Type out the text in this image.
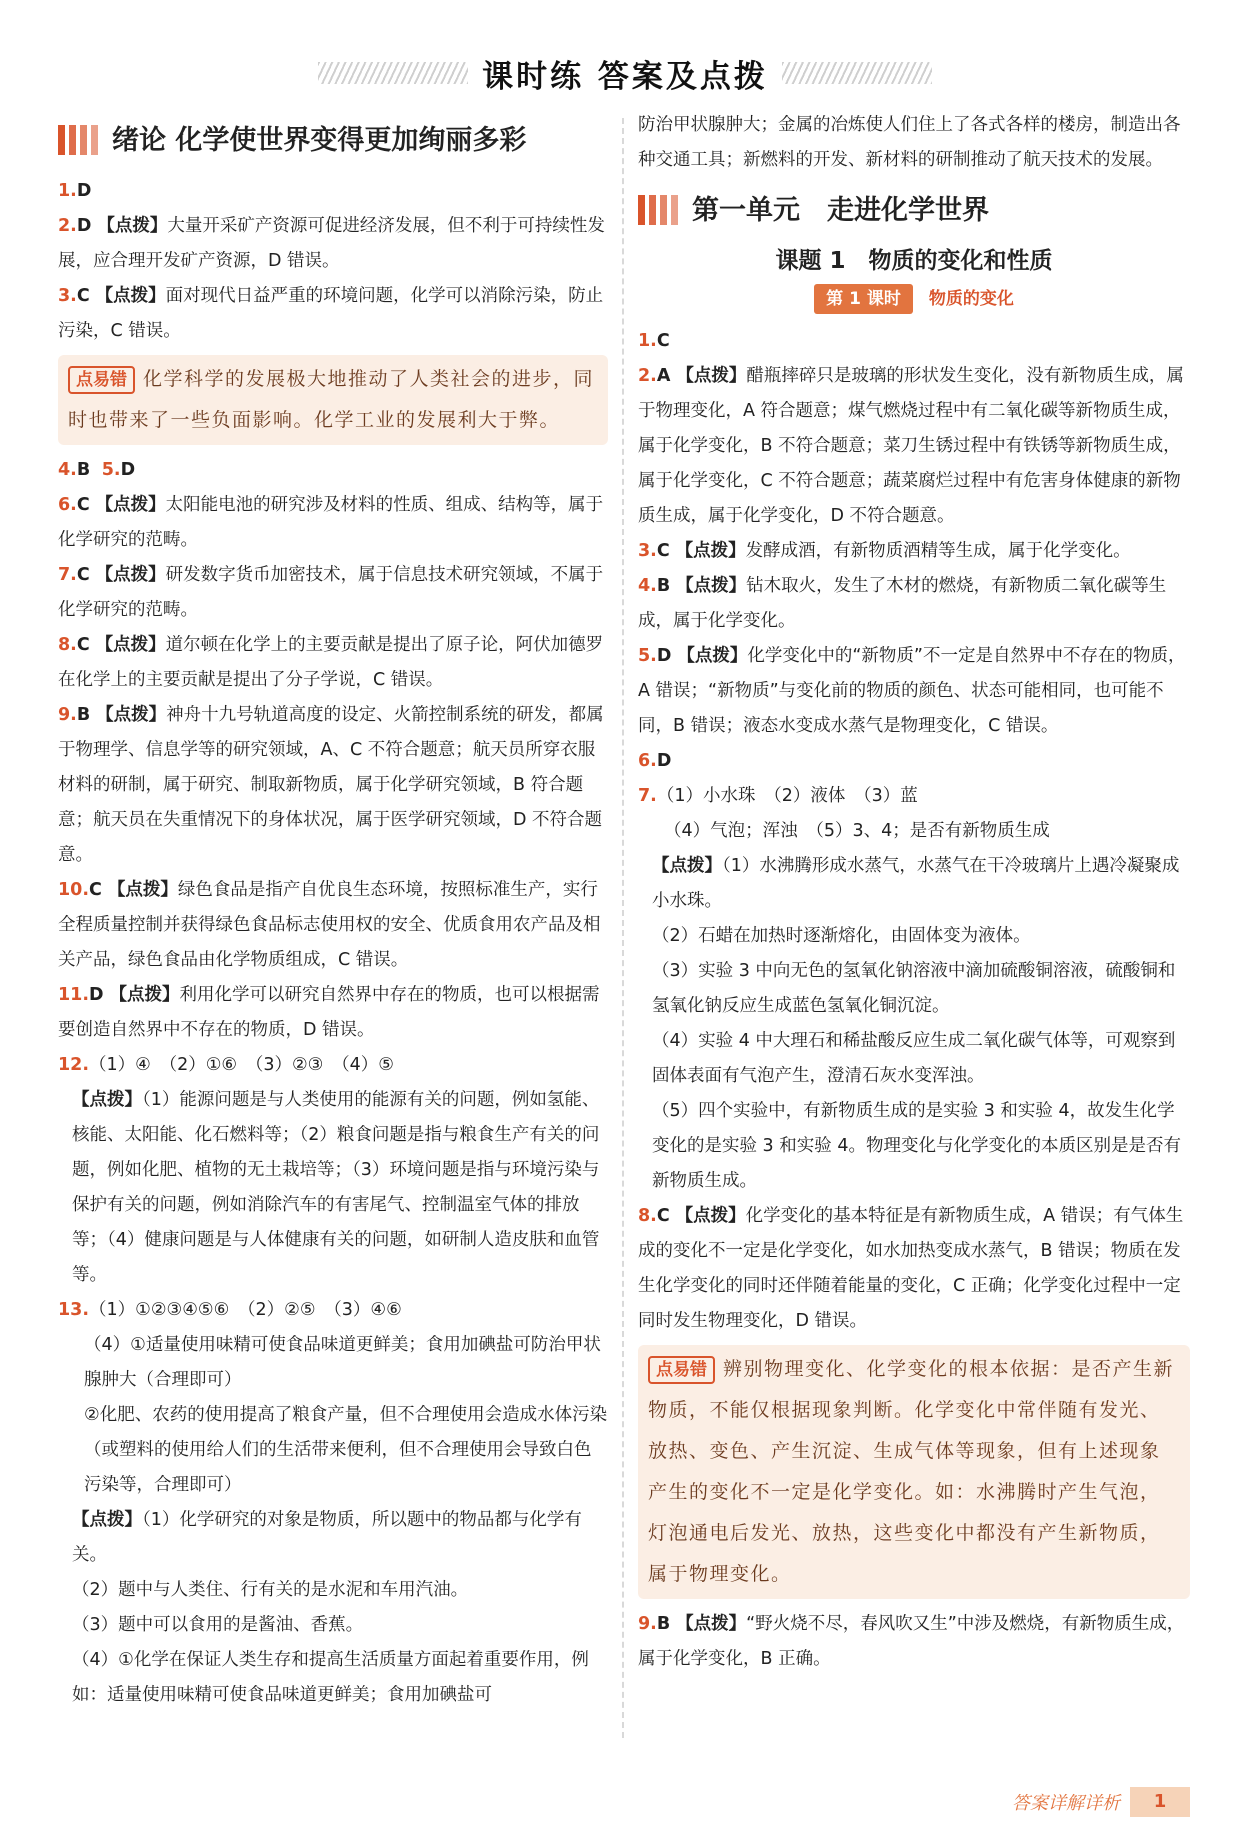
课时练 答案及点拨
绪论 化学使世界变得更加绚丽多彩

1.D

2.D 【点拨】大量开采矿产资源可促进经济发展，但不利于可持续性发展，应合理开发矿产资源，D 错误。

3.C 【点拨】面对现代日益严重的环境问题，化学可以消除污染，防止污染，C 错误。

点易错 化学科学的发展极大地推动了人类社会的进步，同时也带来了一些负面影响。化学工业的发展利大于弊。

4.B 5.D

6.C 【点拨】太阳能电池的研究涉及材料的性质、组成、结构等，属于化学研究的范畴。

7.C 【点拨】研发数字货币加密技术，属于信息技术研究领域，不属于化学研究的范畴。

8.C 【点拨】道尔顿在化学上的主要贡献是提出了原子论，阿伏加德罗在化学上的主要贡献是提出了分子学说，C 错误。

9.B 【点拨】神舟十九号轨道高度的设定、火箭控制系统的研发，都属于物理学、信息学等的研究领域，A、C 不符合题意；航天员所穿衣服材料的研制，属于研究、制取新物质，属于化学研究领域，B 符合题意；航天员在失重情况下的身体状况，属于医学研究领域，D 不符合题意。

10.C 【点拨】绿色食品是指产自优良生态环境，按照标准生产，实行全程质量控制并获得绿色食品标志使用权的安全、优质食用农产品及相关产品，绿色食品由化学物质组成，C 错误。

11.D 【点拨】利用化学可以研究自然界中存在的物质，也可以根据需要创造自然界中不存在的物质，D 错误。

12.（1）④　（2）①⑥　（3）②③　（4）⑤

【点拨】（1）能源问题是与人类使用的能源有关的问题，例如氢能、核能、太阳能、化石燃料等；（2）粮食问题是指与粮食生产有关的问题，例如化肥、植物的无土栽培等；（3）环境问题是指与环境污染与保护有关的问题，例如消除汽车的有害尾气、控制温室气体的排放等；（4）健康问题是与人体健康有关的问题，如研制人造皮肤和血管等。

13.（1）①②③④⑤⑥　（2）②⑤　（3）④⑥

（4）①适量使用味精可使食品味道更鲜美；食用加碘盐可防治甲状腺肿大（合理即可）

②化肥、农药的使用提高了粮食产量，但不合理使用会造成水体污染（或塑料的使用给人们的生活带来便利，但不合理使用会导致白色污染等，合理即可）

【点拨】（1）化学研究的对象是物质，所以题中的物品都与化学有关。

（2）题中与人类住、行有关的是水泥和车用汽油。

（3）题中可以食用的是酱油、香蕉。

（4）①化学在保证人类生存和提高生活质量方面起着重要作用，例如：适量使用味精可使食品味道更鲜美；食用加碘盐可

防治甲状腺肿大；金属的冶炼使人们住上了各式各样的楼房，制造出各种交通工具；新燃料的开发、新材料的研制推动了航天技术的发展。

第一单元　走进化学世界
课题 1　物质的变化和性质
第 1 课时 物质的变化

1.C

2.A 【点拨】醋瓶摔碎只是玻璃的形状发生变化，没有新物质生成，属于物理变化，A 符合题意；煤气燃烧过程中有二氧化碳等新物质生成，属于化学变化，B 不符合题意；菜刀生锈过程中有铁锈等新物质生成，属于化学变化，C 不符合题意；蔬菜腐烂过程中有危害身体健康的新物质生成，属于化学变化，D 不符合题意。

3.C 【点拨】发酵成酒，有新物质酒精等生成，属于化学变化。

4.B 【点拨】钻木取火，发生了木材的燃烧，有新物质二氧化碳等生成，属于化学变化。

5.D 【点拨】化学变化中的“新物质”不一定是自然界中不存在的物质，A 错误；“新物质”与变化前的物质的颜色、状态可能相同，也可能不同，B 错误；液态水变成水蒸气是物理变化，C 错误。

6.D

7.（1）小水珠　（2）液体　（3）蓝

（4）气泡；浑浊　（5）3、4；是否有新物质生成

【点拨】（1）水沸腾形成水蒸气，水蒸气在干冷玻璃片上遇冷凝聚成小水珠。

（2）石蜡在加热时逐渐熔化，由固体变为液体。

（3）实验 3 中向无色的氢氧化钠溶液中滴加硫酸铜溶液，硫酸铜和氢氧化钠反应生成蓝色氢氧化铜沉淀。

（4）实验 4 中大理石和稀盐酸反应生成二氧化碳气体等，可观察到固体表面有气泡产生，澄清石灰水变浑浊。

（5）四个实验中，有新物质生成的是实验 3 和实验 4，故发生化学变化的是实验 3 和实验 4。物理变化与化学变化的本质区别是是否有新物质生成。

8.C 【点拨】化学变化的基本特征是有新物质生成，A 错误；有气体生成的变化不一定是化学变化，如水加热变成水蒸气，B 错误；物质在发生化学变化的同时还伴随着能量的变化，C 正确；化学变化过程中一定同时发生物理变化，D 错误。

点易错 辨别物理变化、化学变化的根本依据：是否产生新物质，不能仅根据现象判断。化学变化中常伴随有发光、放热、变色、产生沉淀、生成气体等现象，但有上述现象产生的变化不一定是化学变化。如：水沸腾时产生气泡，灯泡通电后发光、放热，这些变化中都没有产生新物质，属于物理变化。

9.B 【点拨】“野火烧不尽，春风吹又生”中涉及燃烧，有新物质生成，属于化学变化，B 正确。

答案详解详析	1
